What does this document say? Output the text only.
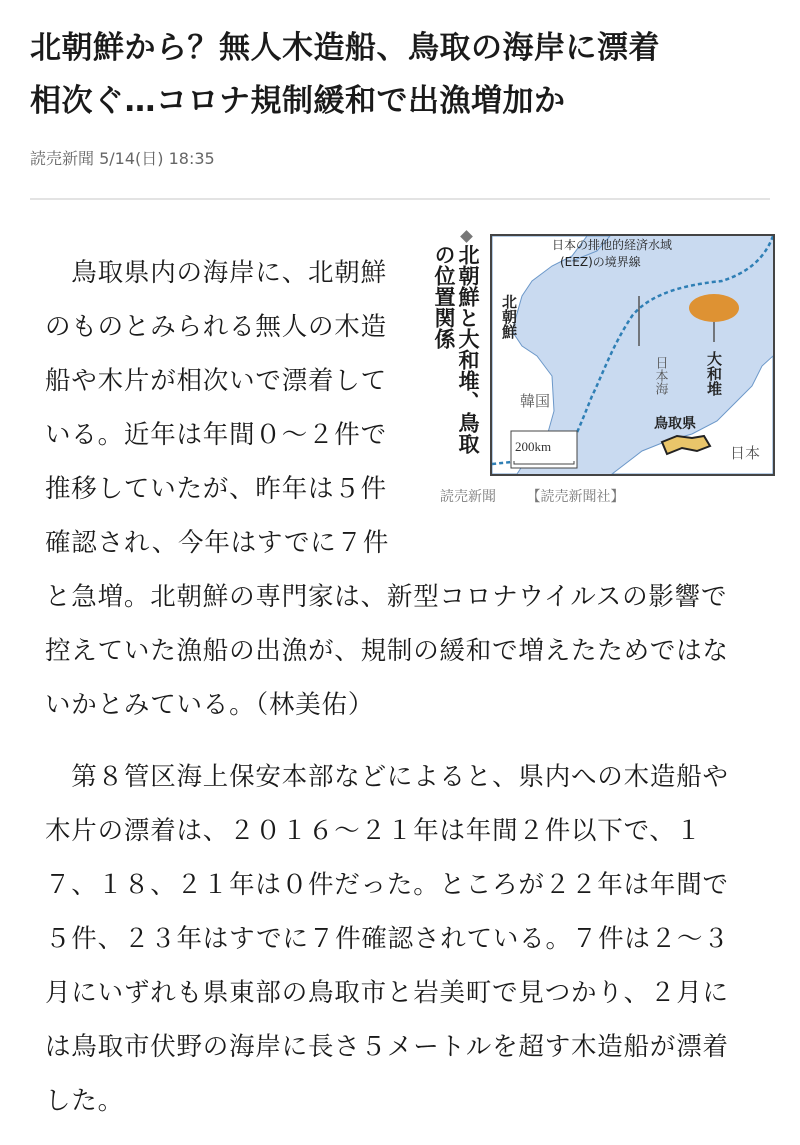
北朝鮮から？無人木造船、鳥取の海岸に漂着
相次ぐ…コロナ規制緩和で出漁増加か
読売新聞 5/14(日) 18:35
　鳥取県内の海岸に、北朝鮮
のものとみられる無人の木造
船や木片が相次いで漂着して
いる。近年は年間０～２件で
推移していたが、昨年は５件
確認され、今年はすでに７件
と急増。北朝鮮の専門家は、新型コロナウイルスの影響で
控えていた漁船の出漁が、規制の緩和で増えたためではな
いかとみている。（林美佑）
　第８管区海上保安本部などによると、県内への木造船や
木片の漂着は、２０１６～２１年は年間２件以下で、１
７、１８、２１年は０件だった。ところが２２年は年間で
５件、２３年はすでに７件確認されている。７件は２～３
月にいずれも県東部の鳥取市と岩美町で見つかり、２月に
は鳥取市伏野の海岸に長さ５メートルを超す木造船が漂着
した。
北朝鮮と大和堆、鳥取の位置関係	日本の排他的経済水域
(EEZ)の境界線
北朝鮮
韓国
日本海	大和堆
鳥取県
日本
200km
読売新聞 【読売新聞社】
